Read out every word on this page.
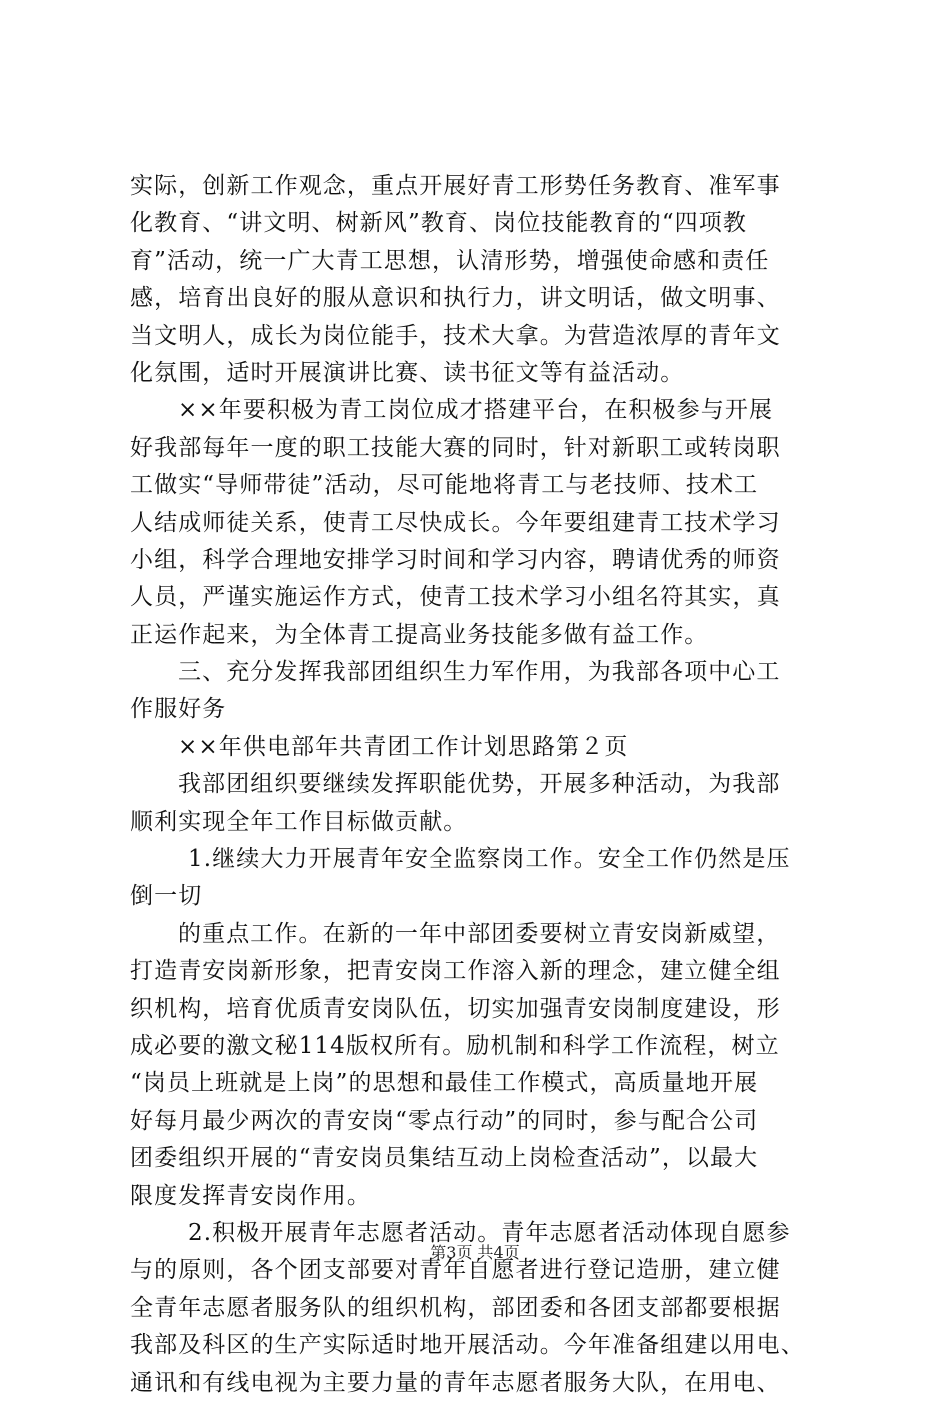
实际，创新工作观念，重点开展好青工形势任务教育、准军事
化教育、“讲文明、树新风”教育、岗位技能教育的“四项教
育”活动，统一广大青工思想，认清形势，增强使命感和责任
感，培育出良好的服从意识和执行力，讲文明话，做文明事、
当文明人，成长为岗位能手，技术大拿。为营造浓厚的青年文
化氛围，适时开展演讲比赛、读书征文等有益活动。
××年要积极为青工岗位成才搭建平台，在积极参与开展
好我部每年一度的职工技能大赛的同时，针对新职工或转岗职
工做实“导师带徒”活动，尽可能地将青工与老技师、技术工
人结成师徒关系，使青工尽快成长。今年要组建青工技术学习
小组，科学合理地安排学习时间和学习内容，聘请优秀的师资
人员，严谨实施运作方式，使青工技术学习小组名符其实，真
正运作起来，为全体青工提高业务技能多做有益工作。
三、充分发挥我部团组织生力军作用，为我部各项中心工
作服好务
××年供电部年共青团工作计划思路第２页
我部团组织要继续发挥职能优势，开展多种活动，为我部
顺利实现全年工作目标做贡献。
1.继续大力开展青年安全监察岗工作。安全工作仍然是压
倒一切
的重点工作。在新的一年中部团委要树立青安岗新威望，
打造青安岗新形象，把青安岗工作溶入新的理念，建立健全组
织机构，培育优质青安岗队伍，切实加强青安岗制度建设，形
成必要的激文秘114版权所有。励机制和科学工作流程，树立
“岗员上班就是上岗”的思想和最佳工作模式，高质量地开展
好每月最少两次的青安岗“零点行动”的同时，参与配合公司
团委组织开展的“青安岗员集结互动上岗检查活动”，以最大
限度发挥青安岗作用。
2.积极开展青年志愿者活动。青年志愿者活动体现自愿参
与的原则，各个团支部要对青年自愿者进行登记造册，建立健
全青年志愿者服务队的组织机构，部团委和各团支部都要根据
我部及科区的生产实际适时地开展活动。今年准备组建以用电、
通讯和有线电视为主要力量的青年志愿者服务大队，在用电、
第3页 共4页
